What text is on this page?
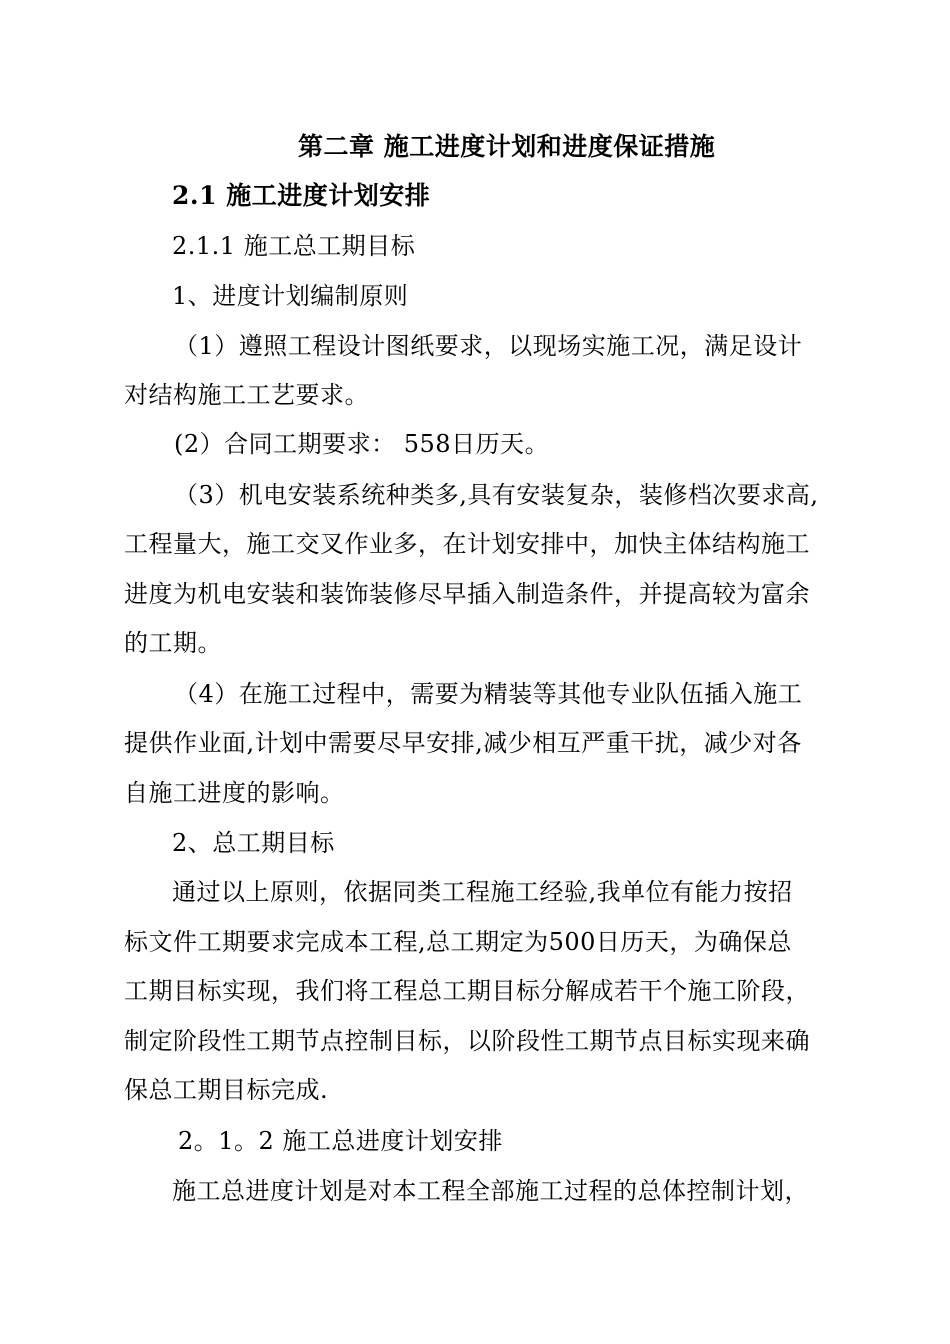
第二章 施工进度计划和进度保证措施
2.1 施工进度计划安排
2.1.1 施工总工期目标
1、进度计划编制原则
（1）遵照工程设计图纸要求，以现场实施工况，满足设计
对结构施工工艺要求。
(2）合同工期要求： 558日历天。
（3）机电安装系统种类多,具有安装复杂，装修档次要求高,
工程量大，施工交叉作业多，在计划安排中，加快主体结构施工
进度为机电安装和装饰装修尽早插入制造条件，并提高较为富余
的工期。
（4）在施工过程中，需要为精装等其他专业队伍插入施工
提供作业面,计划中需要尽早安排,减少相互严重干扰，减少对各
自施工进度的影响。
2、总工期目标
通过以上原则，依据同类工程施工经验,我单位有能力按招
标文件工期要求完成本工程,总工期定为500日历天，为确保总
工期目标实现，我们将工程总工期目标分解成若干个施工阶段，
制定阶段性工期节点控制目标，以阶段性工期节点目标实现来确
保总工期目标完成.
2。1。2 施工总进度计划安排
施工总进度计划是对本工程全部施工过程的总体控制计划，
